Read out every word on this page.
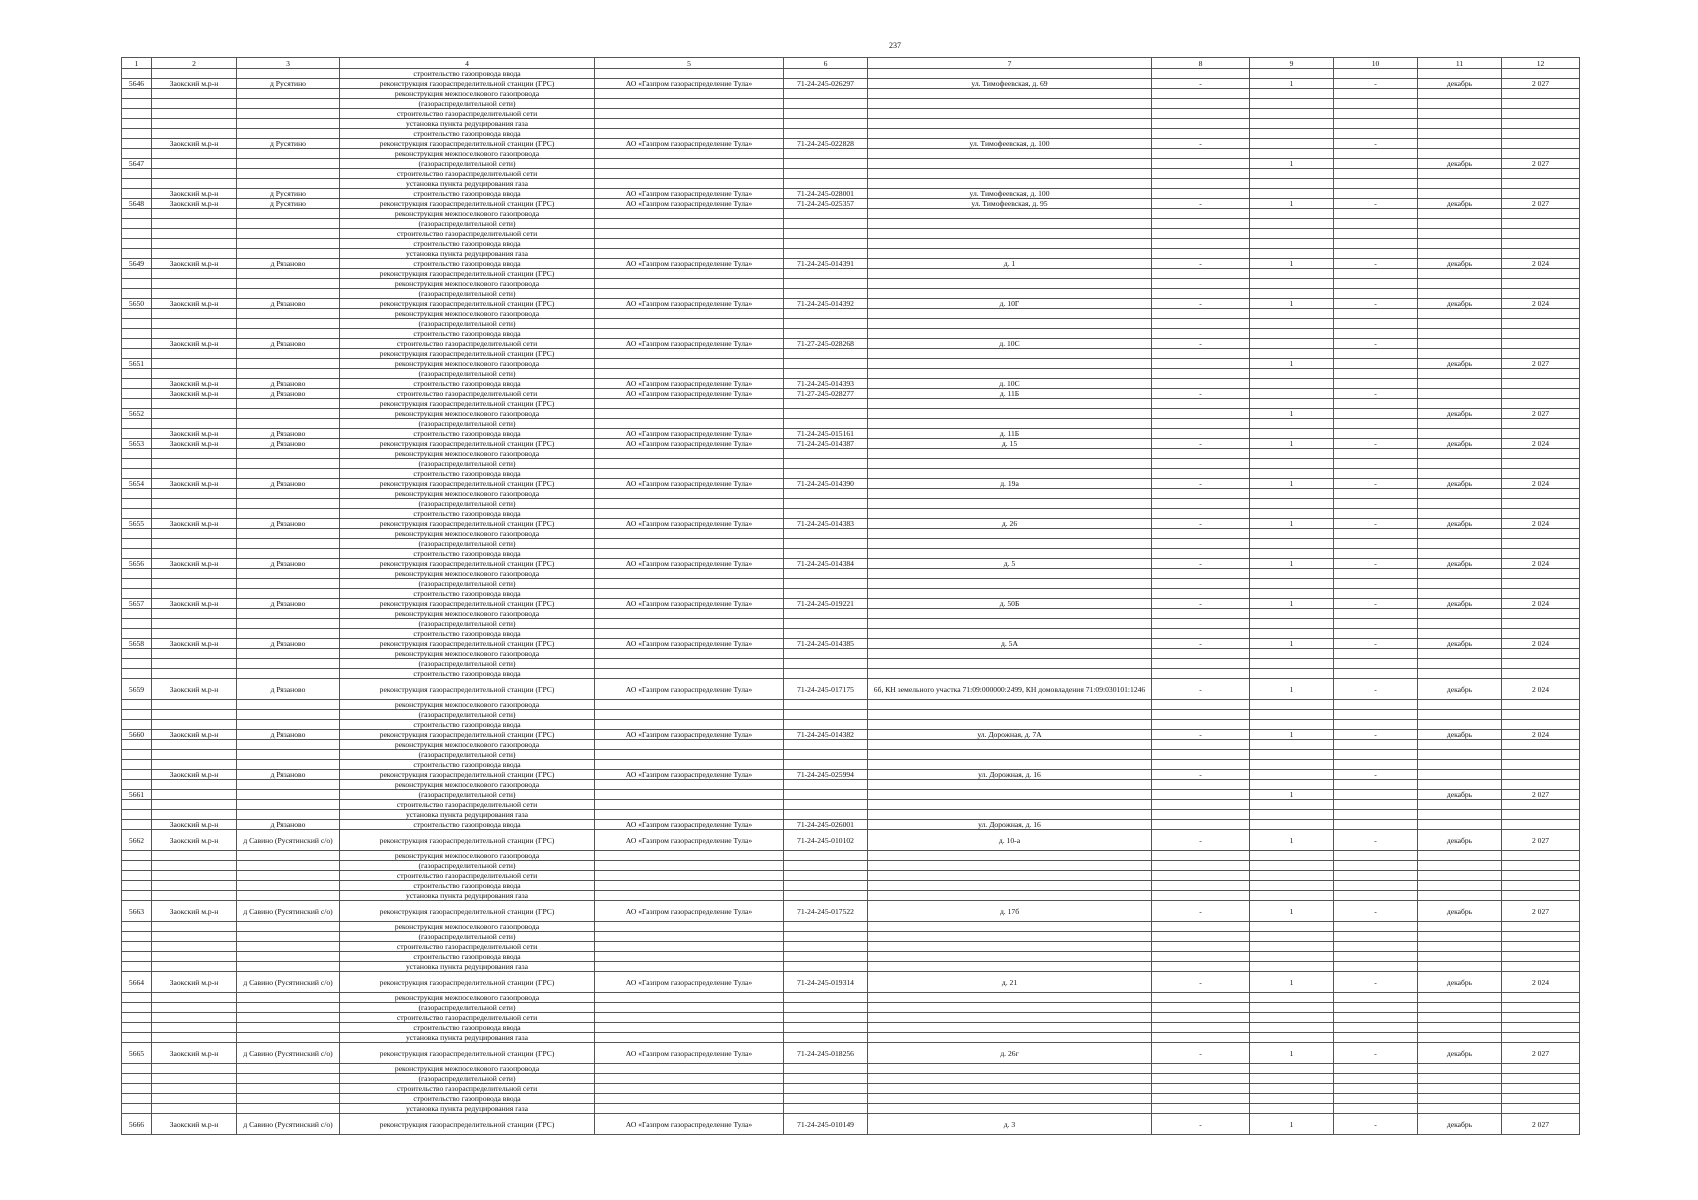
237
1	2	3	4	5	6	7	8	9	10	11	12
			строительство газопровода ввода								
5646	Заокский м.р-н	д Русятино	реконструкция газораспределительной станции (ГРС)	АО «Газпром газораспределение Тула»	71-24-245-026297	ул. Тимофеевская, д. 69	-	1	-	декабрь	2 027
			реконструкция межпоселкового газопровода								
			(газораспределительной сети)								
			строительство газораспределительной сети								
			установка пункта редуцирования газа								
			строительство газопровода ввода								
	Заокский м.р-н	д Русятино	реконструкция газораспределительной станции (ГРС)	АО «Газпром газораспределение Тула»	71-24-245-022828	ул. Тимофеевская, д. 100	-		-		
			реконструкция межпоселкового газопровода								
5647			(газораспределительной сети)					1		декабрь	2 027
			строительство газораспределительной сети								
			установка пункта редуцирования газа								
	Заокский м.р-н	д Русятино	строительство газопровода ввода	АО «Газпром газораспределение Тула»	71-24-245-028001	ул. Тимофеевская, д. 100					
5648	Заокский м.р-н	д Русятино	реконструкция газораспределительной станции (ГРС)	АО «Газпром газораспределение Тула»	71-24-245-025357	ул. Тимофеевская, д. 95	-	1	-	декабрь	2 027
			реконструкция межпоселкового газопровода								
			(газораспределительной сети)								
			строительство газораспределительной сети								
			строительство газопровода ввода								
			установка пункта редуцирования газа								
5649	Заокский м.р-н	д Рязаново	строительство газопровода ввода	АО «Газпром газораспределение Тула»	71-24-245-014391	д. 1	-	1	-	декабрь	2 024
			реконструкция газораспределительной станции (ГРС)								
			реконструкция межпоселкового газопровода								
			(газораспределительной сети)								
5650	Заокский м.р-н	д Рязаново	реконструкция газораспределительной станции (ГРС)	АО «Газпром газораспределение Тула»	71-24-245-014392	д. 10Г	-	1	-	декабрь	2 024
			реконструкция межпоселкового газопровода								
			(газораспределительной сети)								
			строительство газопровода ввода								
	Заокский м.р-н	д Рязаново	строительство газораспределительной сети	АО «Газпром газораспределение Тула»	71-27-245-028268	д. 10С	-		-		
			реконструкция газораспределительной станции (ГРС)								
5651			реконструкция межпоселкового газопровода					1		декабрь	2 027
			(газораспределительной сети)								
	Заокский м.р-н	д Рязаново	строительство газопровода ввода	АО «Газпром газораспределение Тула»	71-24-245-014393	д. 10С					
	Заокский м.р-н	д Рязаново	строительство газораспределительной сети	АО «Газпром газораспределение Тула»	71-27-245-028277	д. 11Б	-		-		
			реконструкция газораспределительной станции (ГРС)								
5652			реконструкция межпоселкового газопровода					1		декабрь	2 027
			(газораспределительной сети)								
	Заокский м.р-н	д Рязаново	строительство газопровода ввода	АО «Газпром газораспределение Тула»	71-24-245-015161	д. 11Б					
5653	Заокский м.р-н	д Рязаново	реконструкция газораспределительной станции (ГРС)	АО «Газпром газораспределение Тула»	71-24-245-014387	д. 15	-	1	-	декабрь	2 024
			реконструкция межпоселкового газопровода								
			(газораспределительной сети)								
			строительство газопровода ввода								
5654	Заокский м.р-н	д Рязаново	реконструкция газораспределительной станции (ГРС)	АО «Газпром газораспределение Тула»	71-24-245-014390	д. 19а	-	1	-	декабрь	2 024
			реконструкция межпоселкового газопровода								
			(газораспределительной сети)								
			строительство газопровода ввода								
5655	Заокский м.р-н	д Рязаново	реконструкция газораспределительной станции (ГРС)	АО «Газпром газораспределение Тула»	71-24-245-014383	д. 26	-	1	-	декабрь	2 024
			реконструкция межпоселкового газопровода								
			(газораспределительной сети)								
			строительство газопровода ввода								
5656	Заокский м.р-н	д Рязаново	реконструкция газораспределительной станции (ГРС)	АО «Газпром газораспределение Тула»	71-24-245-014384	д. 5	-	1	-	декабрь	2 024
			реконструкция межпоселкового газопровода								
			(газораспределительной сети)								
			строительство газопровода ввода								
5657	Заокский м.р-н	д Рязаново	реконструкция газораспределительной станции (ГРС)	АО «Газпром газораспределение Тула»	71-24-245-019221	д. 50Б	-	1	-	декабрь	2 024
			реконструкция межпоселкового газопровода								
			(газораспределительной сети)								
			строительство газопровода ввода								
5658	Заокский м.р-н	д Рязаново	реконструкция газораспределительной станции (ГРС)	АО «Газпром газораспределение Тула»	71-24-245-014385	д. 5А	-	1	-	декабрь	2 024
			реконструкция межпоселкового газопровода								
			(газораспределительной сети)								
			строительство газопровода ввода								
5659	Заокский м.р-н	д Рязаново	реконструкция газораспределительной станции (ГРС)	АО «Газпром газораспределение Тула»	71-24-245-017175	6б, КН земельного участка 71:09:000000:2499, КН домовладения 71:09:030101:1246	-	1	-	декабрь	2 024
			реконструкция межпоселкового газопровода								
			(газораспределительной сети)								
			строительство газопровода ввода								
5660	Заокский м.р-н	д Рязаново	реконструкция газораспределительной станции (ГРС)	АО «Газпром газораспределение Тула»	71-24-245-014382	ул. Дорожная, д. 7А	-	1	-	декабрь	2 024
			реконструкция межпоселкового газопровода								
			(газораспределительной сети)								
			строительство газопровода ввода								
	Заокский м.р-н	д Рязаново	реконструкция газораспределительной станции (ГРС)	АО «Газпром газораспределение Тула»	71-24-245-025994	ул. Дорожная, д. 16	-		-		
			реконструкция межпоселкового газопровода								
5661			(газораспределительной сети)					1		декабрь	2 027
			строительство газораспределительной сети								
			установка пункта редуцирования газа								
	Заокский м.р-н	д Рязаново	строительство газопровода ввода	АО «Газпром газораспределение Тула»	71-24-245-026001	ул. Дорожная, д. 16					
5662	Заокский м.р-н	д Савино (Русятинский с/о)	реконструкция газораспределительной станции (ГРС)	АО «Газпром газораспределение Тула»	71-24-245-010102	д. 10-а	-	1	-	декабрь	2 027
			реконструкция межпоселкового газопровода								
			(газораспределительной сети)								
			строительство газораспределительной сети								
			строительство газопровода ввода								
			установка пункта редуцирования газа								
5663	Заокский м.р-н	д Савино (Русятинский с/о)	реконструкция газораспределительной станции (ГРС)	АО «Газпром газораспределение Тула»	71-24-245-017522	д. 17б	-	1	-	декабрь	2 027
			реконструкция межпоселкового газопровода								
			(газораспределительной сети)								
			строительство газораспределительной сети								
			строительство газопровода ввода								
			установка пункта редуцирования газа								
5664	Заокский м.р-н	д Савино (Русятинский с/о)	реконструкция газораспределительной станции (ГРС)	АО «Газпром газораспределение Тула»	71-24-245-019314	д. 21	-	1	-	декабрь	2 024
			реконструкция межпоселкового газопровода								
			(газораспределительной сети)								
			строительство газораспределительной сети								
			строительство газопровода ввода								
			установка пункта редуцирования газа								
5665	Заокский м.р-н	д Савино (Русятинский с/о)	реконструкция газораспределительной станции (ГРС)	АО «Газпром газораспределение Тула»	71-24-245-018256	д. 26г	-	1	-	декабрь	2 027
			реконструкция межпоселкового газопровода								
			(газораспределительной сети)								
			строительство газораспределительной сети								
			строительство газопровода ввода								
			установка пункта редуцирования газа								
5666	Заокский м.р-н	д Савино (Русятинский с/о)	реконструкция газораспределительной станции (ГРС)	АО «Газпром газораспределение Тула»	71-24-245-010149	д. 3	-	1	-	декабрь	2 027
